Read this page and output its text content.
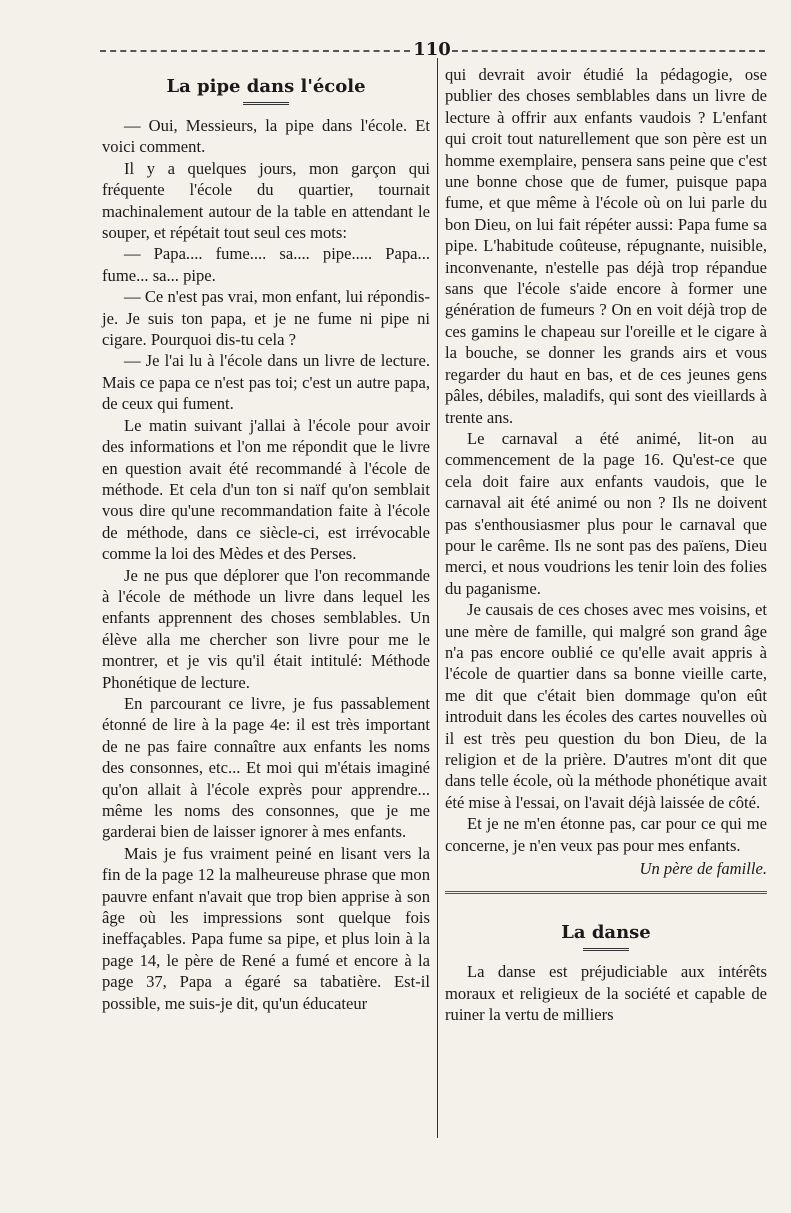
110
La pipe dans l'école

— Oui, Messieurs, la pipe dans l'école. Et voici comment.

Il y a quelques jours, mon garçon qui fréquente l'école du quartier, tournait machinalement autour de la table en attendant le souper, et répétait tout seul ces mots:

— Papa.... fume.... sa.... pipe..... Papa... fume... sa... pipe.

— Ce n'est pas vrai, mon enfant, lui répondis-je. Je suis ton papa, et je ne fume ni pipe ni cigare. Pourquoi dis-tu cela ?

— Je l'ai lu à l'école dans un livre de lecture. Mais ce papa ce n'est pas toi; c'est un autre papa, de ceux qui fument.

Le matin suivant j'allai à l'école pour avoir des informations et l'on me répondit que le livre en question avait été recommandé à l'école de méthode. Et cela d'un ton si naïf qu'on semblait vous dire qu'une recommandation faite à l'école de méthode, dans ce siècle-ci, est irrévocable comme la loi des Mèdes et des Perses.

Je ne pus que déplorer que l'on recommande à l'école de méthode un livre dans lequel les enfants apprennent des choses semblables. Un élève alla me chercher son livre pour me le montrer, et je vis qu'il était intitulé: Méthode Phonétique de lecture.

En parcourant ce livre, je fus passablement étonné de lire à la page 4e: il est très important de ne pas faire connaître aux enfants les noms des consonnes, etc... Et moi qui m'étais imaginé qu'on allait à l'école exprès pour apprendre... même les noms des consonnes, que je me garderai bien de laisser ignorer à mes enfants.

Mais je fus vraiment peiné en lisant vers la fin de la page 12 la malheureuse phrase que mon pauvre enfant n'avait que trop bien apprise à son âge où les impressions sont quelque fois ineffaçables. Papa fume sa pipe, et plus loin à la page 14, le père de René a fumé et encore à la page 37, Papa a égaré sa tabatière. Est-il possible, me suis-je dit, qu'un éducateur

qui devrait avoir étudié la pédagogie, ose publier des choses semblables dans un livre de lecture à offrir aux enfants vaudois ? L'enfant qui croit tout naturellement que son père est un homme exemplaire, pensera sans peine que c'est une bonne chose que de fumer, puisque papa fume, et que même à l'école où on lui parle du bon Dieu, on lui fait répéter aussi: Papa fume sa pipe. L'habitude coûteuse, répugnante, nuisible, inconvenante, n'estelle pas déjà trop répandue sans que l'école s'aide encore à former une génération de fumeurs ? On en voit déjà trop de ces gamins le chapeau sur l'oreille et le cigare à la bouche, se donner les grands airs et vous regarder du haut en bas, et de ces jeunes gens pâles, débiles, maladifs, qui sont des vieillards à trente ans.

Le carnaval a été animé, lit-on au commencement de la page 16. Qu'est-ce que cela doit faire aux enfants vaudois, que le carnaval ait été animé ou non ? Ils ne doivent pas s'enthousiasmer plus pour le carnaval que pour le carême. Ils ne sont pas des païens, Dieu merci, et nous voudrions les tenir loin des folies du paganisme.

Je causais de ces choses avec mes voisins, et une mère de famille, qui malgré son grand âge n'a pas encore oublié ce qu'elle avait appris à l'école de quartier dans sa bonne vieille carte, me dit que c'était bien dommage qu'on eût introduit dans les écoles des cartes nouvelles où il est très peu question du bon Dieu, de la religion et de la prière. D'autres m'ont dit que dans telle école, où la méthode phonétique avait été mise à l'essai, on l'avait déjà laissée de côté.

Et je ne m'en étonne pas, car pour ce qui me concerne, je n'en veux pas pour mes enfants.

Un père de famille.

La danse

La danse est préjudiciable aux intérêts moraux et religieux de la société et capable de ruiner la vertu de milliers
